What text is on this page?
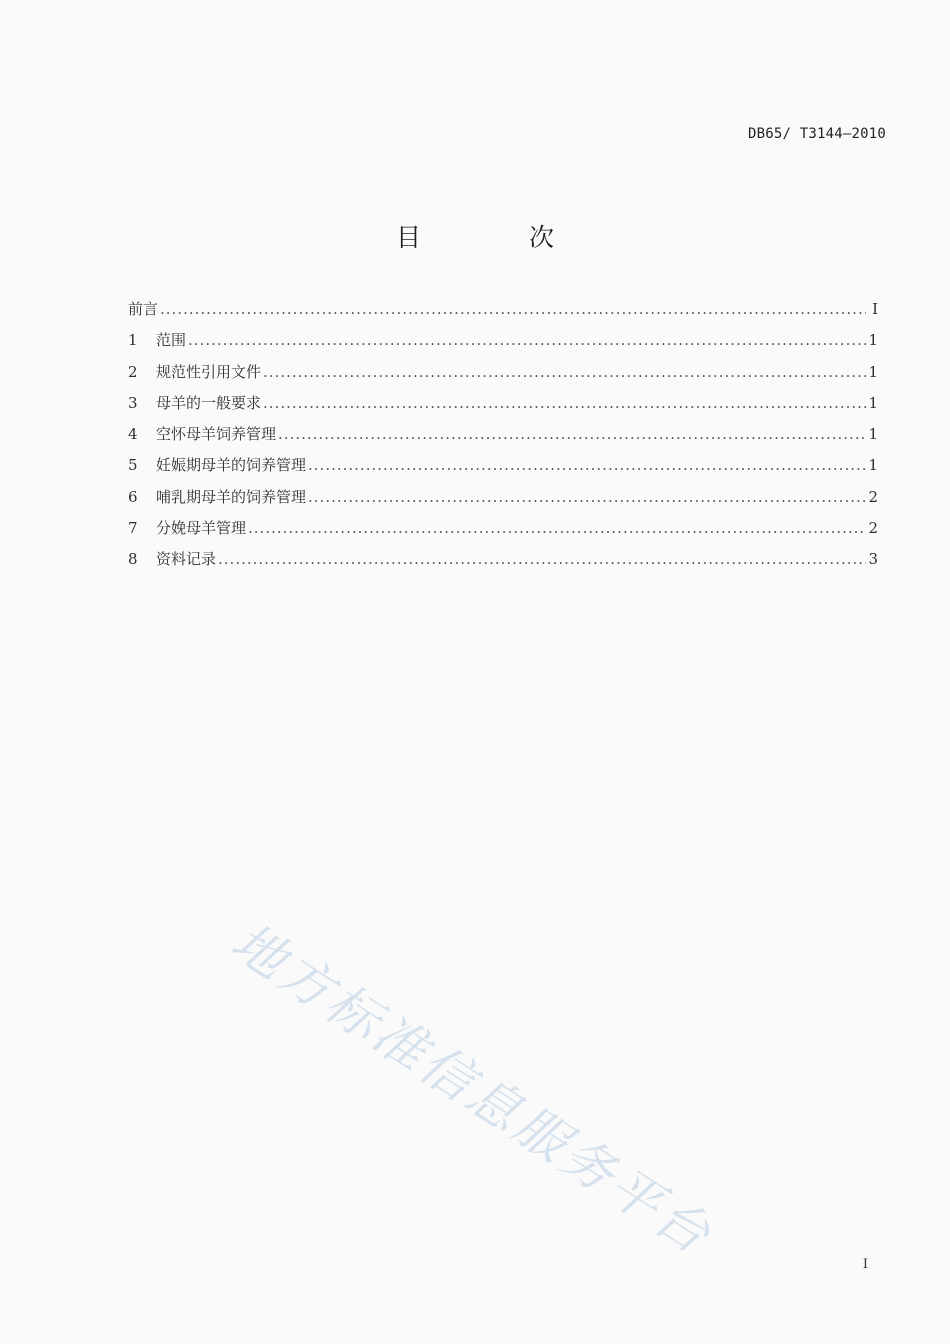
DB65/ T3144—2010
目 次
前言 .....	I
1	范围 .....	1
2	规范性引用文件 .....	1
3	母羊的一般要求 .....	1
4	空怀母羊饲养管理 .....	1
5	妊娠期母羊的饲养管理 .....	1
6	哺乳期母羊的饲养管理 .....	2
7	分娩母羊管理 .....	2
8	资料记录 .....	3
地方标准信息服务平台	I
